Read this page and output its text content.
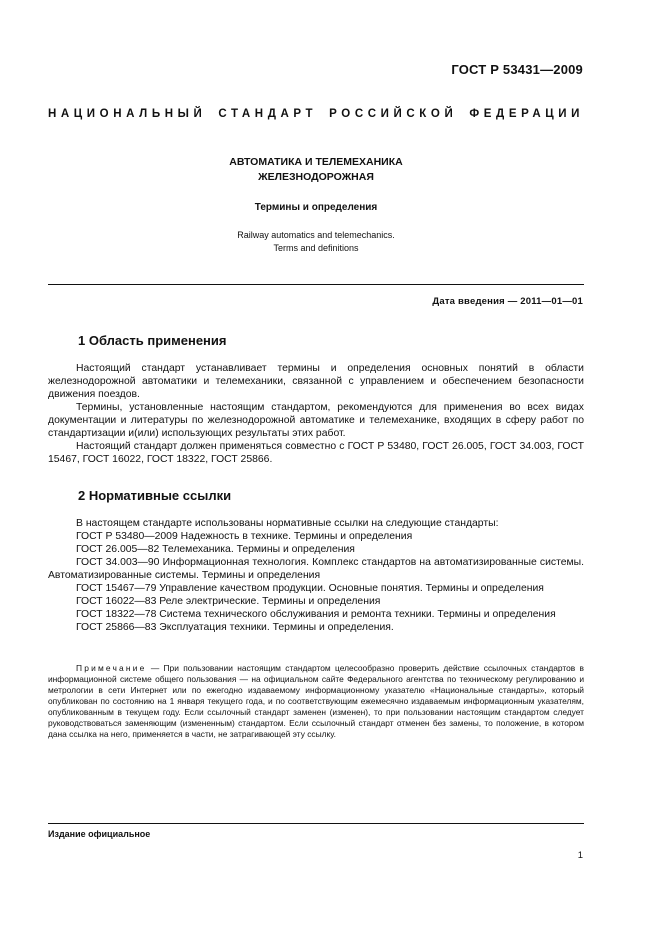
ГОСТ Р 53431—2009
НАЦИОНАЛЬНЫЙ СТАНДАРТ РОССИЙСКОЙ ФЕДЕРАЦИИ
АВТОМАТИКА И ТЕЛЕМЕХАНИКА
ЖЕЛЕЗНОДОРОЖНАЯ
Термины и определения
Railway automatics and telemechanics.
Terms and definitions
Дата введения — 2011—01—01
1 Область применения

Настоящий стандарт устанавливает термины и определения основных понятий в области железнодорожной автоматики и телемеханики, связанной с управлением и обеспечением безопасности движения поездов.

Термины, установленные настоящим стандартом, рекомендуются для применения во всех видах документации и литературы по железнодорожной автоматике и телемеханике, входящих в сферу работ по стандартизации и(или) использующих результаты этих работ.

Настоящий стандарт должен применяться совместно с ГОСТ Р 53480, ГОСТ 26.005, ГОСТ 34.003, ГОСТ 15467, ГОСТ 16022, ГОСТ 18322, ГОСТ 25866.

2 Нормативные ссылки

В настоящем стандарте использованы нормативные ссылки на следующие стандарты:

ГОСТ Р 53480—2009 Надежность в технике. Термины и определения

ГОСТ 26.005—82 Телемеханика. Термины и определения

ГОСТ 34.003—90 Информационная технология. Комплекс стандартов на автоматизированные системы. Автоматизированные системы. Термины и определения

ГОСТ 15467—79 Управление качеством продукции. Основные понятия. Термины и определения

ГОСТ 16022—83 Реле электрические. Термины и определения

ГОСТ 18322—78 Система технического обслуживания и ремонта техники. Термины и определения

ГОСТ 25866—83 Эксплуатация техники. Термины и определения.

Примечание — При пользовании настоящим стандартом целесообразно проверить действие ссылочных стандартов в информационной системе общего пользования — на официальном сайте Федерального агентства по техническому регулированию и метрологии в сети Интернет или по ежегодно издаваемому информационному указателю «Национальные стандарты», который опубликован по состоянию на 1 января текущего года, и по соответствующим ежемесячно издаваемым информационным указателям, опубликованным в текущем году. Если ссылочный стандарт заменен (изменен), то при пользовании настоящим стандартом следует руководствоваться заменяющим (измененным) стандартом. Если ссылочный стандарт отменен без замены, то положение, в котором дана ссылка на него, применяется в части, не затрагивающей эту ссылку.
Издание официальное
1
